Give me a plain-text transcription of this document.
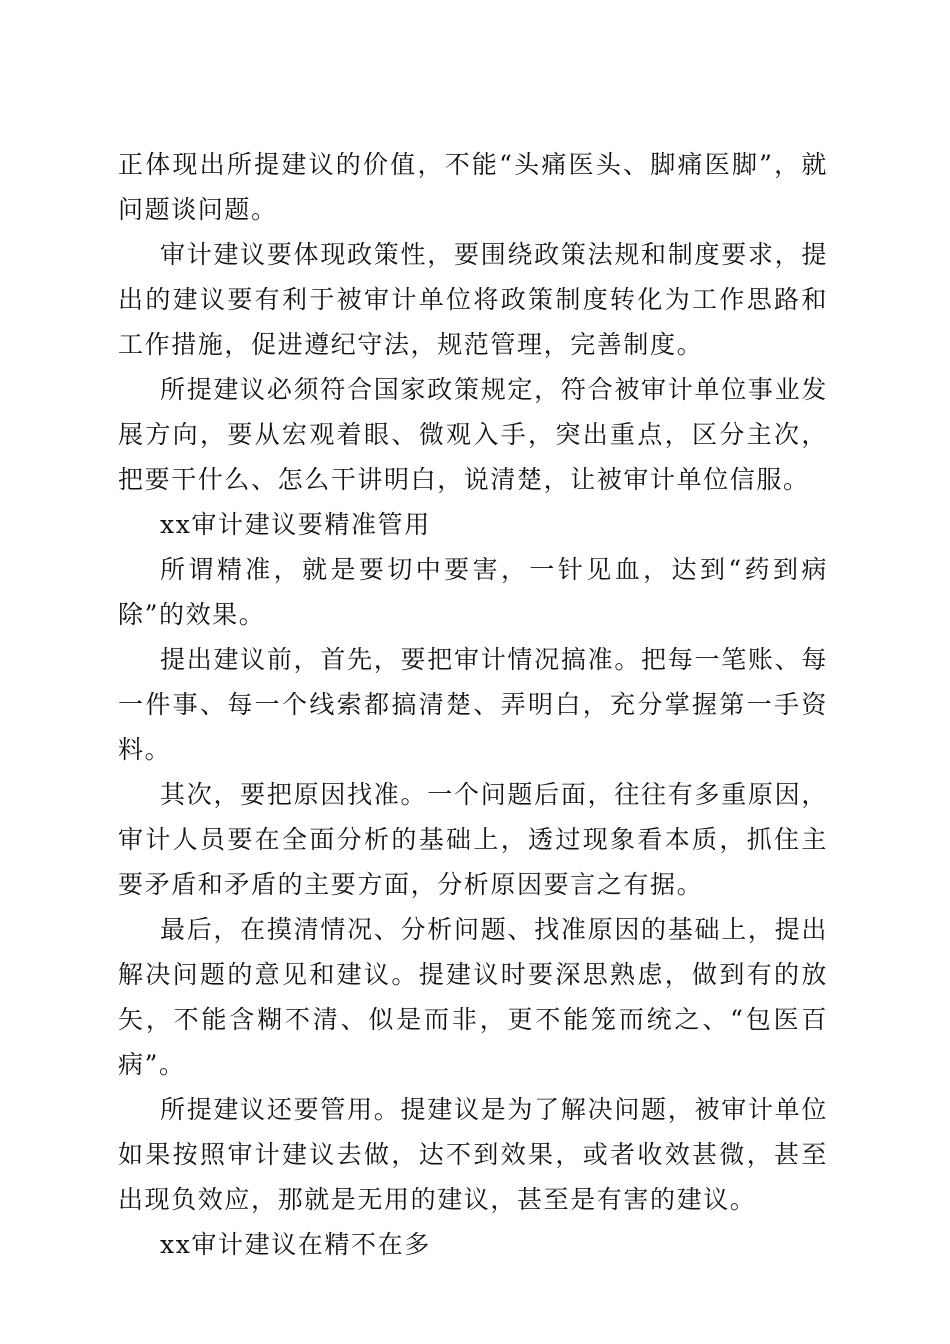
正体现出所提建议的价值，不能“头痛医头、脚痛医脚”，就问题谈问题。

审计建议要体现政策性，要围绕政策法规和制度要求，提出的建议要有利于被审计单位将政策制度转化为工作思路和工作措施，促进遵纪守法，规范管理，完善制度。

所提建议必须符合国家政策规定，符合被审计单位事业发展方向，要从宏观着眼、微观入手，突出重点，区分主次，把要干什么、怎么干讲明白，说清楚，让被审计单位信服。

xx审计建议要精准管用

所谓精准，就是要切中要害，一针见血，达到“药到病除”的效果。

提出建议前，首先，要把审计情况搞准。把每一笔账、每一件事、每一个线索都搞清楚、弄明白，充分掌握第一手资料。

其次，要把原因找准。一个问题后面，往往有多重原因，审计人员要在全面分析的基础上，透过现象看本质，抓住主要矛盾和矛盾的主要方面，分析原因要言之有据。

最后，在摸清情况、分析问题、找准原因的基础上，提出解决问题的意见和建议。提建议时要深思熟虑，做到有的放矢，不能含糊不清、似是而非，更不能笼而统之、“包医百病”。

所提建议还要管用。提建议是为了解决问题，被审计单位如果按照审计建议去做，达不到效果，或者收效甚微，甚至出现负效应，那就是无用的建议，甚至是有害的建议。

xx审计建议在精不在多
